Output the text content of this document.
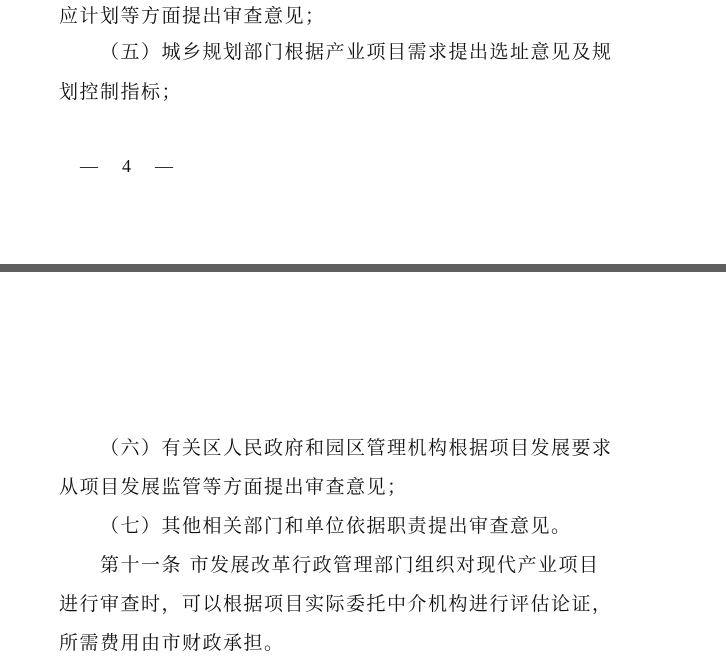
应计划等方面提出审查意见；
（五）城乡规划部门根据产业项目需求提出选址意见及规
划控制指标；
— 4 —
（六）有关区人民政府和园区管理机构根据项目发展要求
从项目发展监管等方面提出审查意见；
（七）其他相关部门和单位依据职责提出审查意见。
第十一条 市发展改革行政管理部门组织对现代产业项目
进行审查时，可以根据项目实际委托中介机构进行评估论证，
所需费用由市财政承担。
